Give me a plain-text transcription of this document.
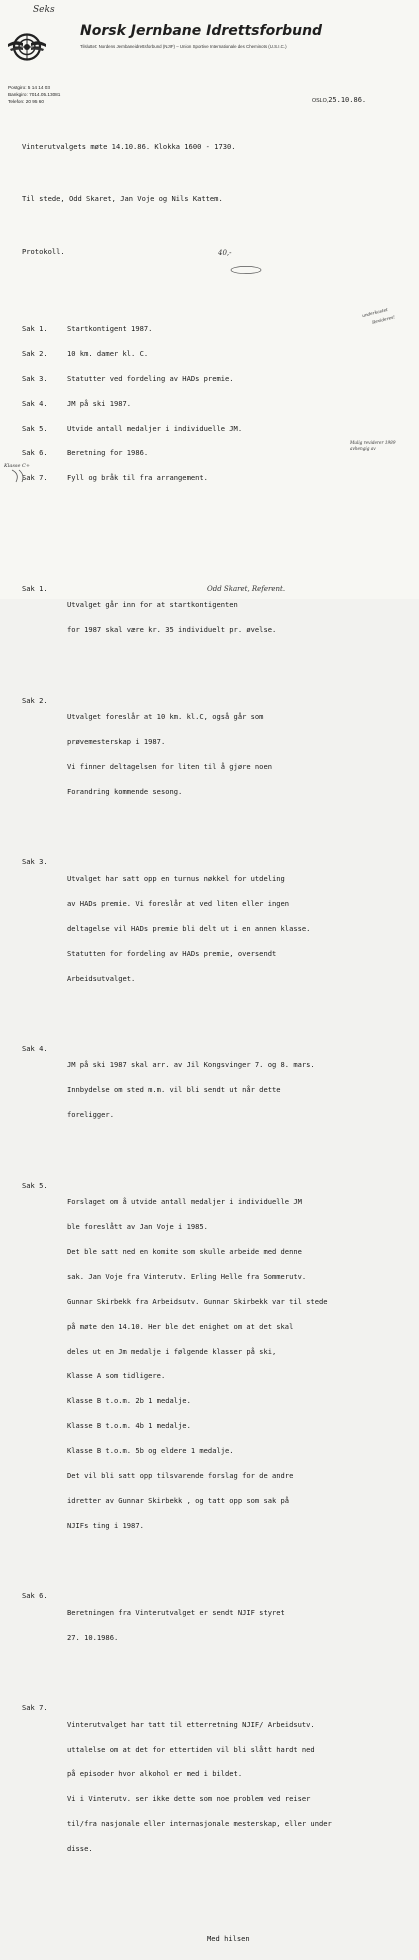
Seks
Norsk Jernbane Idrettsforbund
Tilsluttet: Nordens Jernbaneidrettsforbund (NJIF) – Union Sportive Internationale des Cheminots (U.S.I.C.)
Postgiro: 5 14 14 03
Bankgiro: 7014.05.13081
Telefon: 20 95 60	OSLO,25.10.86.

Vinterutvalgets møte 14.10.86. Klokka 1600 - 1730.

Til stede, Odd Skaret, Jan Voje og Nils Kattem.

Protokoll.

Sak 1.	Startkontigent 1987.

Sak 2.	10 km. damer kl. C.

Sak 3.	Statutter ved fordeling av HADs premie.

Sak 4.	JM på ski 1987.

Sak 5.	Utvide antall medaljer i individuelle JM.

Sak 6.	Beretning for 1986.

Sak 7.	Fyll og bråk til fra arrangement.

Sak 1.

Utvalget går inn for at startkontigenten

for 1987 skal være kr. 35 individuelt pr. øvelse.

Sak 2.

Utvalget foreslår at 10 km. kl.C, også går som

prøvemesterskap i 1987.

Vi finner deltagelsen for liten til å gjøre noen

Forandring kommende sesong.

Sak 3.

Utvalget har satt opp en turnus nøkkel for utdeling

av HADs premie. Vi foreslår at ved liten eller ingen

deltagelse vil HADs premie bli delt ut i en annen klasse.

Statutten for fordeling av HADs premie, oversendt

Arbeidsutvalget.

Sak 4.

JM på ski 1987 skal arr. av Jil Kongsvinger 7. og 8. mars.

Innbydelse om sted m.m. vil bli sendt ut når dette

foreligger.

Sak 5.

Forslaget om å utvide antall medaljer i individuelle JM

ble foreslått av Jan Voje i 1985.

Det ble satt ned en komite som skulle arbeide med denne

sak. Jan Voje fra Vinterutv. Erling Helle fra Sommerutv.

Gunnar Skirbekk fra Arbeidsutv. Gunnar Skirbekk var til stede

på møte den 14.10. Her ble det enighet om at det skal

deles ut en Jm medalje i følgende klasser på ski,

Klasse A som tidligere.

Klasse B t.o.m. 2b 1 medalje.

Klasse B t.o.m. 4b 1 medalje.

Klasse B t.o.m. 5b og eldere 1 medalje.

Det vil bli satt opp tilsvarende forslag for de andre

idretter av Gunnar Skirbekk , og tatt opp som sak på

NJIFs ting i 1987.

Sak 6.

Beretningen fra Vinterutvalget er sendt NJIF styret

27. 10.1986.

Sak 7.

Vinterutvalget har tatt til etterretning NJIF/ Arbeidsutv.

uttalelse om at det for ettertiden vil bli slått hardt ned

på episoder hvor alkohol er med i bildet.

Vi i Vinterutv. ser ikke dette som noe problem ved reiser

til/fra nasjonale eller internasjonale mesterskap, eller under

disse.

Med hilsen

40,-
underkastet
Revideres!
Mulig reviderer 1989 avhengig av
Klasse C+
Odd Skaret, Referent.
